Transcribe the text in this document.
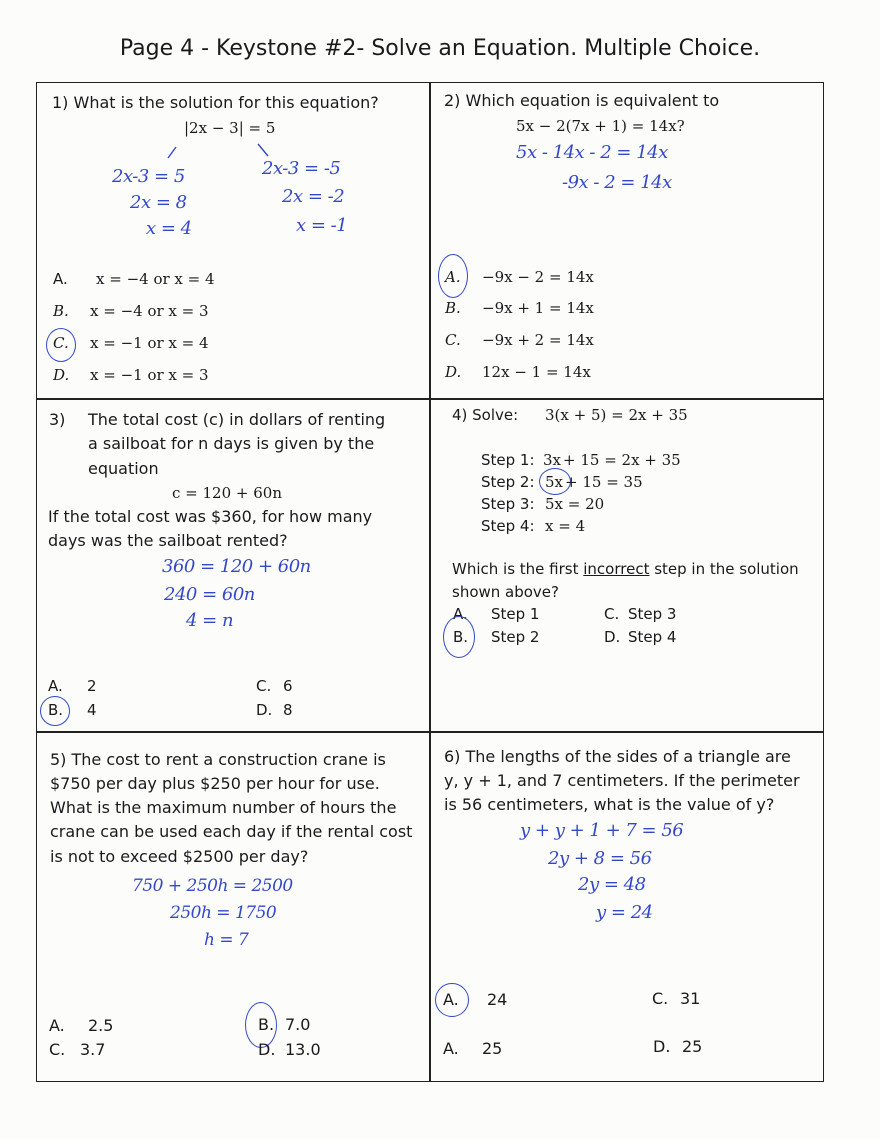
Page 4 - Keystone #2- Solve an Equation. Multiple Choice.
1) What is the solution for this equation?
|2x − 3| = 5
2x-3 = 5
2x = 8
x = 4
2x-3 = -5
2x = -2
x = -1
A. x = −4 or x = 4
B. x = −4 or x = 3
C. x = −1 or x = 4
D. x = −1 or x = 3
2) Which equation is equivalent to
5x − 2(7x + 1) = 14x?
5x - 14x - 2 = 14x
-9x - 2 = 14x
A. −9x − 2 = 14x
B. −9x + 1 = 14x
C. −9x + 2 = 14x
D. 12x − 1 = 14x
3) The total cost (c) in dollars of renting
a sailboat for n days is given by the
equation
c = 120 + 60n
If the total cost was $360, for how many
days was the sailboat rented?
360 = 120 + 60n
240 = 60n
4 = n
A. 2
B. 4
C. 6
D. 8
4) Solve: 3(x + 5) = 2x + 35
Step 1: 3x + 15 = 2x + 35
Step 2: 5x + 15 = 35
Step 3: 5x = 20
Step 4: x = 4
Which is the first incorrect step in the solution
shown above?
A. Step 1
B. Step 2
C. Step 3
D. Step 4
5) The cost to rent a construction crane is
$750 per day plus $250 per hour for use.
What is the maximum number of hours the
crane can be used each day if the rental cost
is not to exceed $2500 per day?
750 + 250h = 2500
250h = 1750
h = 7
A. 2.5	B. 7.0
C. 3.7	D. 13.0
6) The lengths of the sides of a triangle are
y, y + 1, and 7 centimeters. If the perimeter
is 56 centimeters, what is the value of y?
y + y + 1 + 7 = 56
2y + 8 = 56
2y = 48
y = 24
A. 24	C. 31
A. 25	D. 25
